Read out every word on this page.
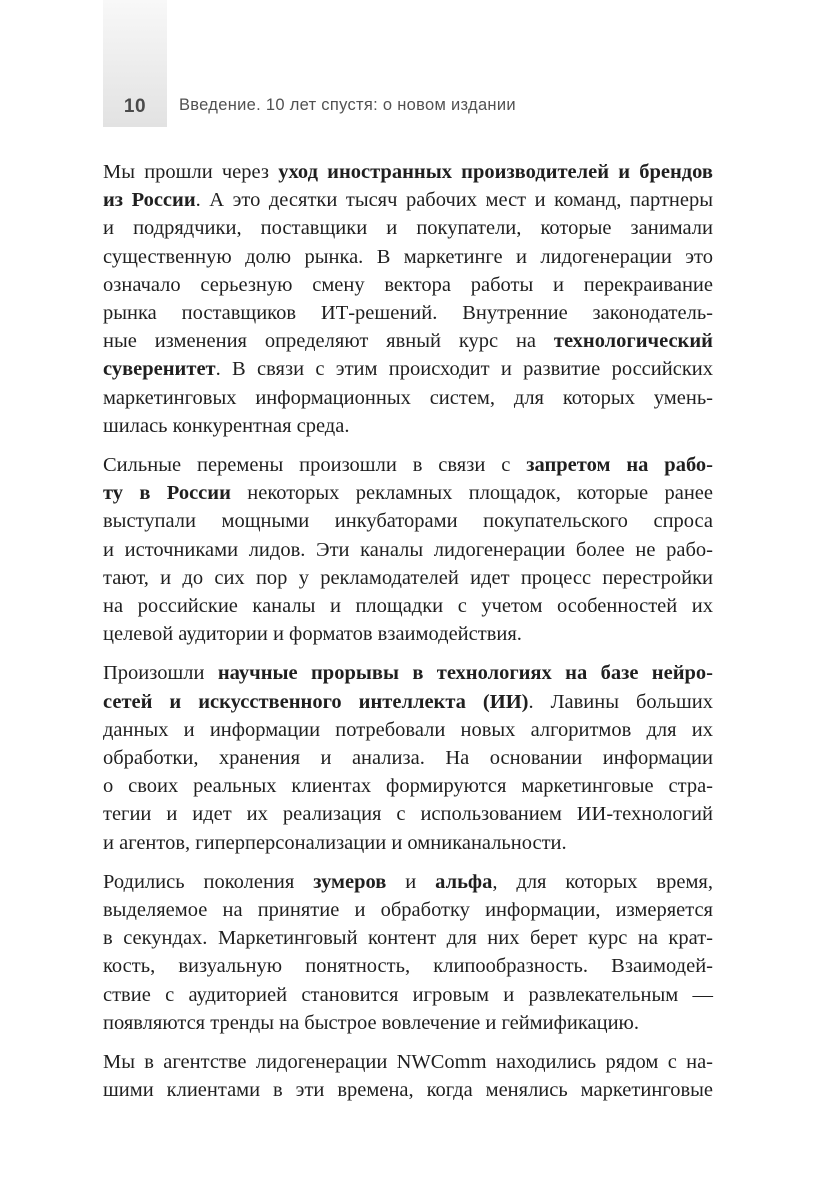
10 Введение. 10 лет спустя: о новом издании
Мы прошли через уход иностранных производителей и брендов
из России. А это десятки тысяч рабочих мест и команд, партнеры
и подрядчики, поставщики и покупатели, которые занимали
существенную долю рынка. В маркетинге и лидогенерации это
означало серьезную смену вектора работы и перекраивание
рынка поставщиков ИТ-решений. Внутренние законодатель-
ные изменения определяют явный курс на технологический
суверенитет. В связи с этим происходит и развитие российских
маркетинговых информационных систем, для которых умень-
шилась конкурентная среда.
Сильные перемены произошли в связи с запретом на рабо-
ту в России некоторых рекламных площадок, которые ранее
выступали мощными инкубаторами покупательского спроса
и источниками лидов. Эти каналы лидогенерации более не рабо-
тают, и до сих пор у рекламодателей идет процесс перестройки
на российские каналы и площадки с учетом особенностей их
целевой аудитории и форматов взаимодействия.
Произошли научные прорывы в технологиях на базе нейро-
сетей и искусственного интеллекта (ИИ). Лавины больших
данных и информации потребовали новых алгоритмов для их
обработки, хранения и анализа. На основании информации
о своих реальных клиентах формируются маркетинговые стра-
тегии и идет их реализация с использованием ИИ-технологий
и агентов, гиперперсонализации и омниканальности.
Родились поколения зумеров и альфа, для которых время,
выделяемое на принятие и обработку информации, измеряется
в секундах. Маркетинговый контент для них берет курс на крат-
кость, визуальную понятность, клипообразность. Взаимодей-
ствие с аудиторией становится игровым и развлекательным —
появляются тренды на быстрое вовлечение и геймификацию.
Мы в агентстве лидогенерации NWComm находились рядом с на-
шими клиентами в эти времена, когда менялись маркетинговые
